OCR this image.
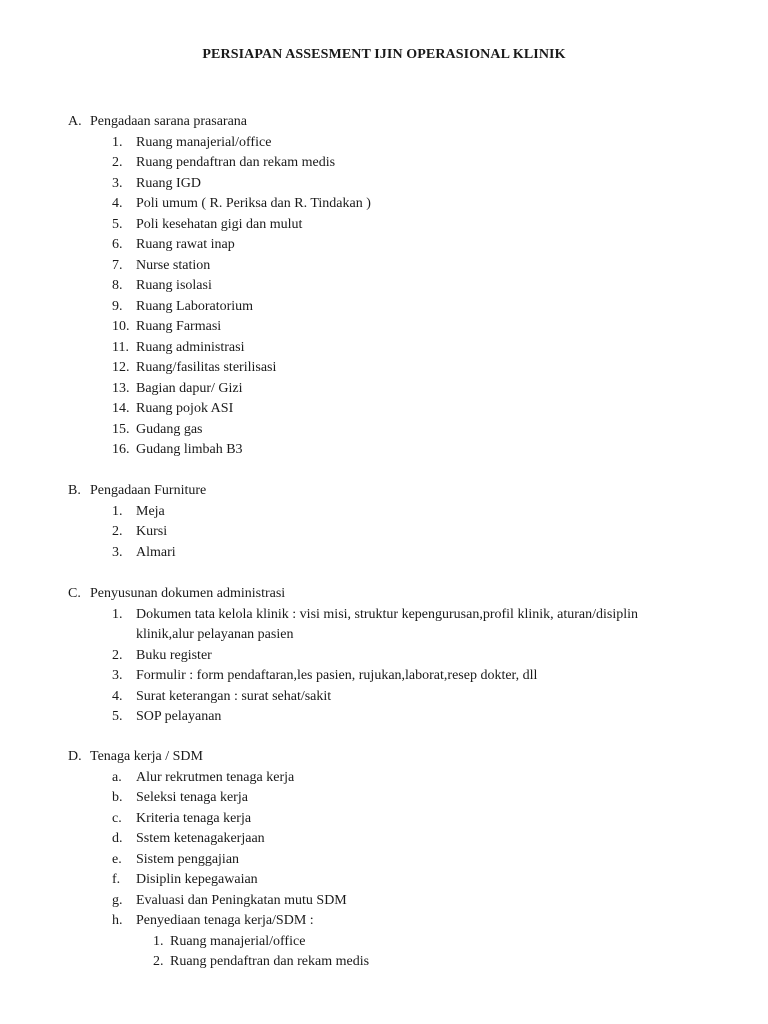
PERSIAPAN ASSESMENT IJIN OPERASIONAL KLINIK
A. Pengadaan sarana prasarana
1. Ruang manajerial/office
2. Ruang pendaftran dan rekam medis
3. Ruang IGD
4. Poli umum ( R. Periksa dan R. Tindakan )
5. Poli kesehatan gigi dan mulut
6. Ruang rawat inap
7. Nurse station
8. Ruang isolasi
9. Ruang Laboratorium
10. Ruang Farmasi
11. Ruang administrasi
12. Ruang/fasilitas sterilisasi
13. Bagian dapur/ Gizi
14. Ruang pojok ASI
15. Gudang gas
16. Gudang limbah B3
B. Pengadaan Furniture
1. Meja
2. Kursi
3. Almari
C. Penyusunan dokumen administrasi
1. Dokumen tata kelola klinik : visi misi, struktur kepengurusan,profil klinik, aturan/disiplin klinik,alur pelayanan pasien
2. Buku register
3. Formulir : form pendaftaran,les pasien, rujukan,laborat,resep dokter, dll
4. Surat keterangan : surat sehat/sakit
5. SOP pelayanan
D. Tenaga kerja / SDM
a. Alur rekrutmen tenaga kerja
b. Seleksi tenaga kerja
c. Kriteria tenaga kerja
d. Sstem ketenagakerjaan
e. Sistem penggajian
f. Disiplin kepegawaian
g. Evaluasi dan Peningkatan mutu SDM
h. Penyediaan tenaga kerja/SDM :
1. Ruang manajerial/office
2. Ruang pendaftran dan rekam medis
